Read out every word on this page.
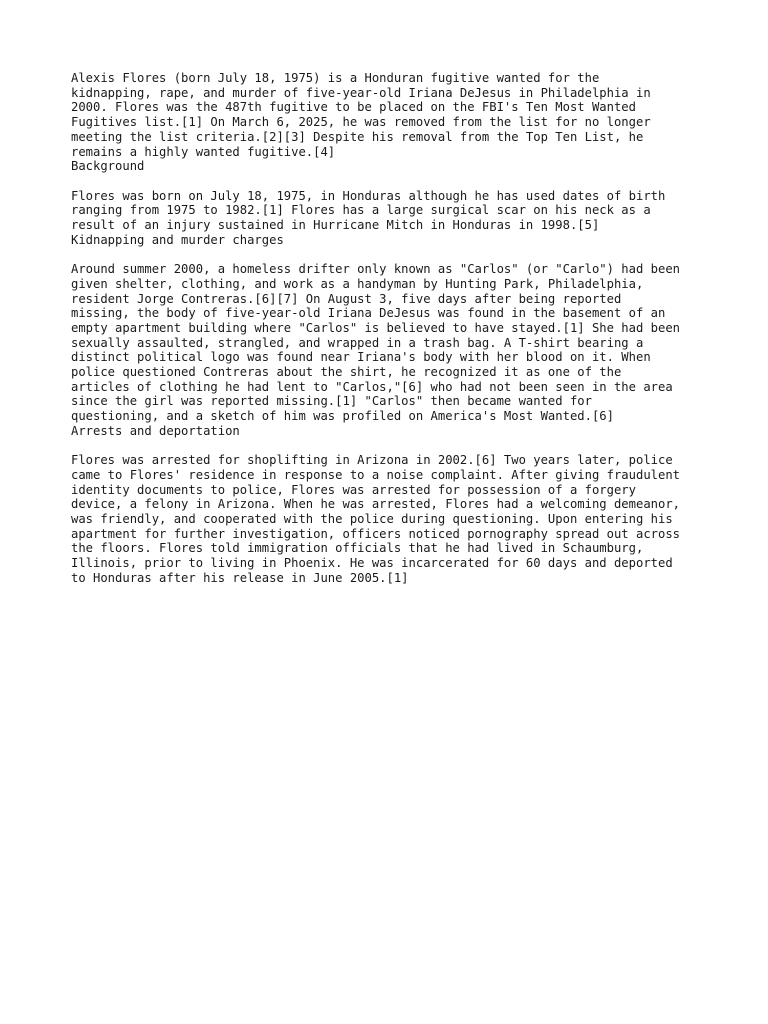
Alexis Flores (born July 18, 1975) is a Honduran fugitive wanted for the
kidnapping, rape, and murder of five-year-old Iriana DeJesus in Philadelphia in
2000. Flores was the 487th fugitive to be placed on the FBI's Ten Most Wanted
Fugitives list.[1] On March 6, 2025, he was removed from the list for no longer
meeting the list criteria.[2][3] Despite his removal from the Top Ten List, he
remains a highly wanted fugitive.[4]

Background

Flores was born on July 18, 1975, in Honduras although he has used dates of birth
ranging from 1975 to 1982.[1] Flores has a large surgical scar on his neck as a
result of an injury sustained in Hurricane Mitch in Honduras in 1998.[5]

Kidnapping and murder charges

Around summer 2000, a homeless drifter only known as "Carlos" (or "Carlo") had been
given shelter, clothing, and work as a handyman by Hunting Park, Philadelphia,
resident Jorge Contreras.[6][7] On August 3, five days after being reported
missing, the body of five-year-old Iriana DeJesus was found in the basement of an
empty apartment building where "Carlos" is believed to have stayed.[1] She had been
sexually assaulted, strangled, and wrapped in a trash bag. A T-shirt bearing a
distinct political logo was found near Iriana's body with her blood on it. When
police questioned Contreras about the shirt, he recognized it as one of the
articles of clothing he had lent to "Carlos,"[6] who had not been seen in the area
since the girl was reported missing.[1] "Carlos" then became wanted for
questioning, and a sketch of him was profiled on America's Most Wanted.[6]

Arrests and deportation

Flores was arrested for shoplifting in Arizona in 2002.[6] Two years later, police
came to Flores' residence in response to a noise complaint. After giving fraudulent
identity documents to police, Flores was arrested for possession of a forgery
device, a felony in Arizona. When he was arrested, Flores had a welcoming demeanor,
was friendly, and cooperated with the police during questioning. Upon entering his
apartment for further investigation, officers noticed pornography spread out across
the floors. Flores told immigration officials that he had lived in Schaumburg,
Illinois, prior to living in Phoenix. He was incarcerated for 60 days and deported
to Honduras after his release in June 2005.[1]
